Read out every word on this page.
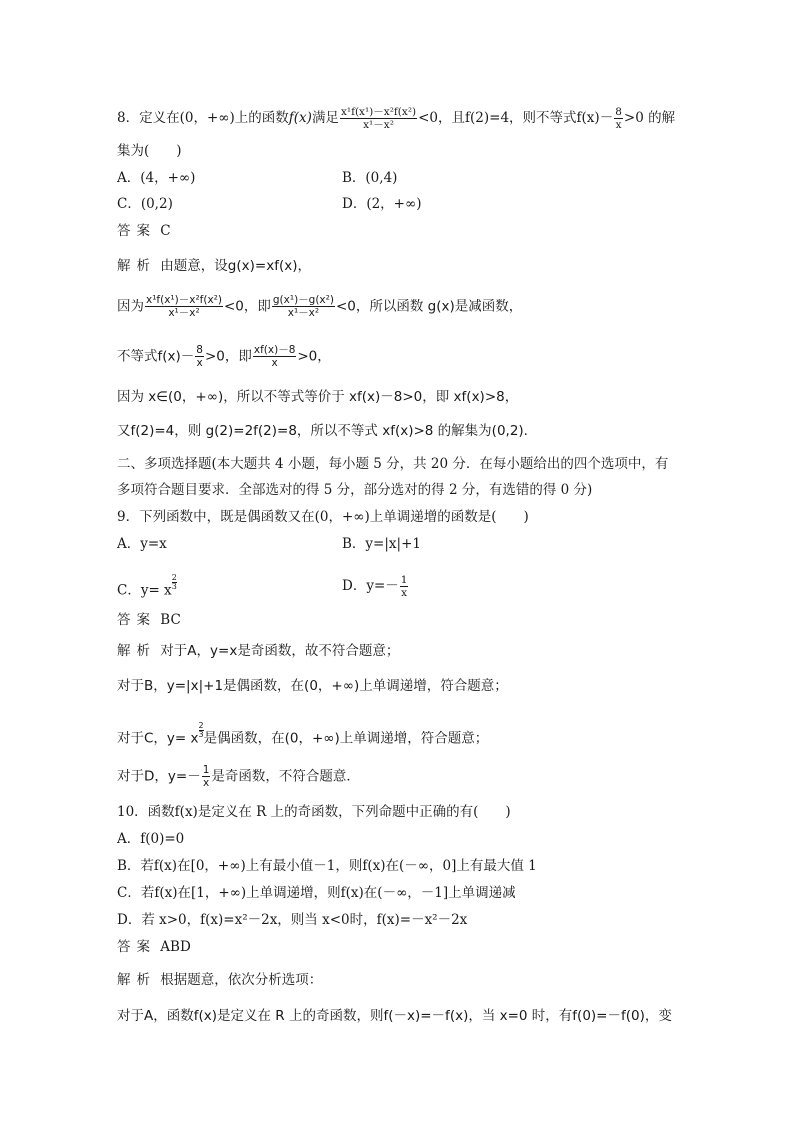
8．定义在(0，+∞)上的函数f(x)满足 $\frac{\text{x¹f(x¹)－x²f(x²)}}{\text{x¹－x²}} <0$，且f(2)=4，则不等式$f(x)- \frac{8}{x} >0$ 的解
集为(　　)
A．(4，+∞)	B．(0,4)
C．(0,2)	D．(2，+∞)
答案 C
解析 由题意，设g(x)=xf(x)，
因为 $\frac{\text{x¹f(x¹)－x²f(x²)}}{\text{x¹－x²}} <0$，即 $\frac{\text{g(x¹)－g(x²)}}{\text{x¹－x²}} <0$，所以函数 g(x)是减函数，
不等式$f(x)- \frac{8}{x} >0$，即 $\frac{xf(x)-8}{x} >0$，
因为 x∈(0，+∞)，所以不等式等价于 xf(x)－8>0，即 xf(x)>8，
又f(2)=4，则 g(2)=2f(2)=8，所以不等式 xf(x)>8 的解集为(0,2)．
二、多项选择题(本大题共 4 小题，每小题 5 分，共 20 分．在每小题给出的四个选项中，有
多项符合题目要求．全部选对的得 5 分，部分选对的得 2 分，有选错的得 0 分)
9．下列函数中，既是偶函数又在(0，+∞)上单调递增的函数是(　　)
A．y=x	B．y=|x|+1
C．y= x $\frac{2}{3}$	D．$y=- \frac{1}{x}$
答案 BC
解析 对于A，y=x是奇函数，故不符合题意；
对于B，y=|x|+1是偶函数，在(0，+∞)上单调递增，符合题意；
对于C，y= x $\frac{2}{3}$ 是偶函数，在(0，+∞)上单调递增，符合题意；
对于D，$y=- \frac{1}{x}$ 是奇函数，不符合题意．
10．函数f(x)是定义在 R 上的奇函数，下列命题中正确的有(　　)
A．f(0)=0
B．若f(x)在[0，+∞)上有最小值－1，则f(x)在(－∞，0]上有最大值 1
C．若f(x)在[1，+∞)上单调递增，则f(x)在(－∞，－1]上单调递减
D．若 x>0，f(x)=x²－2x，则当 x<0时，f(x)=－x²－2x
答案 ABD
解析 根据题意，依次分析选项：
对于A，函数f(x)是定义在 R 上的奇函数，则f(－x)=－f(x)，当 x=0 时，有f(0)=－f(0)，变
